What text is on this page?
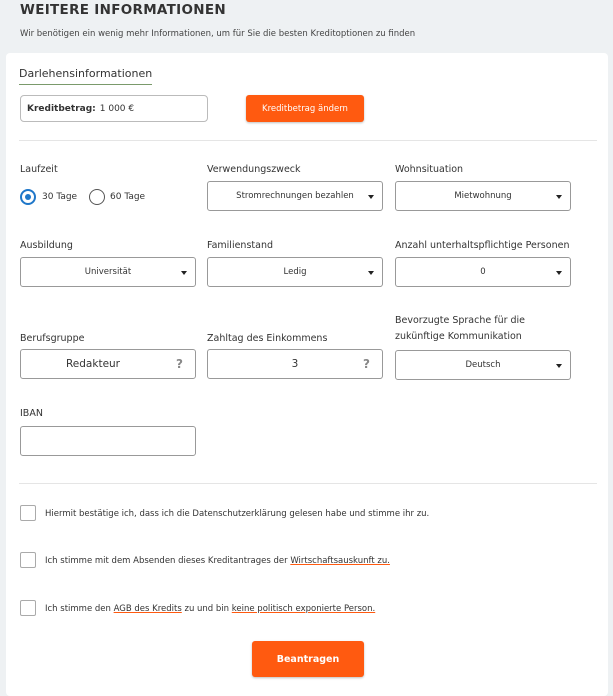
WEITERE INFORMATIONEN
Wir benötigen ein wenig mehr Informationen, um für Sie die besten Kreditoptionen zu finden
Darlehensinformationen
Kreditbetrag: 1 000 €	Kreditbetrag ändern
Laufzeit
30 Tage	60 Tage
Verwendungszweck
Stromrechnungen bezahlen
Wohnsituation
Mietwohnung
Ausbildung
Universität
Familienstand
Ledig
Anzahl unterhaltspflichtige Personen
0
Berufsgruppe
Redakteur	?
Zahltag des Einkommens
3	?
Bevorzugte Sprache für die
zukünftige Kommunikation
Deutsch
IBAN
Hiermit bestätige ich, dass ich die Datenschutzerklärung gelesen habe und stimme ihr zu.
Ich stimme mit dem Absenden dieses Kreditantrages der Wirtschaftsauskunft zu.
Ich stimme den AGB des Kredits zu und bin keine politisch exponierte Person.
Beantragen
